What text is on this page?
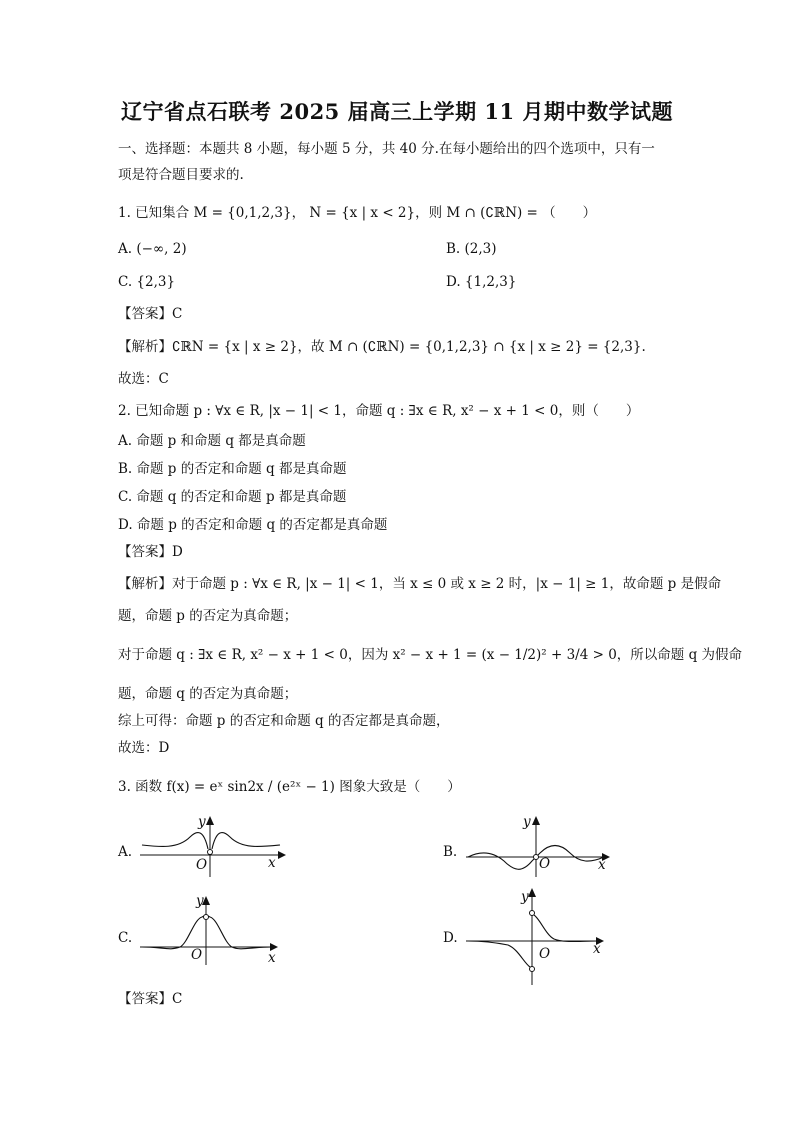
辽宁省点石联考 2025 届高三上学期 11 月期中数学试题
一、选择题：本题共 8 小题，每小题 5 分，共 40 分.在每小题给出的四个选项中，只有一
项是符合题目要求的.
1. 已知集合 M = {0,1,2,3}， N = {x | x < 2}，则 M ∩ (∁ℝN) = （　　）
A. (−∞, 2)	B. (2,3)
C. {2,3}	D. {1,2,3}
【答案】C
【解析】∁ℝN = {x | x ≥ 2}，故 M ∩ (∁ℝN) = {0,1,2,3} ∩ {x | x ≥ 2} = {2,3}.
故选：C
2. 已知命题 p : ∀x ∈ R, |x − 1| < 1，命题 q : ∃x ∈ R, x² − x + 1 < 0，则（　　）
A. 命题 p 和命题 q 都是真命题
B. 命题 p 的否定和命题 q 都是真命题
C. 命题 q 的否定和命题 p 都是真命题
D. 命题 p 的否定和命题 q 的否定都是真命题
【答案】D
【解析】对于命题 p : ∀x ∈ R, |x − 1| < 1，当 x ≤ 0 或 x ≥ 2 时，|x − 1| ≥ 1，故命题 p 是假命
题，命题 p 的否定为真命题；
对于命题 q : ∃x ∈ R, x² − x + 1 < 0，因为 x² − x + 1 = (x − 1/2)² + 3/4 > 0，所以命题 q 为假命
题，命题 q 的否定为真命题；
综上可得：命题 p 的否定和命题 q 的否定都是真命题，
故选：D
3. 函数 f(x) = eˣ sin2x / (e²ˣ − 1) 图象大致是（　　）
A.
y
x
O
B.
y
x
O
C.
y
x
O
D.
y
x
O
【答案】C
